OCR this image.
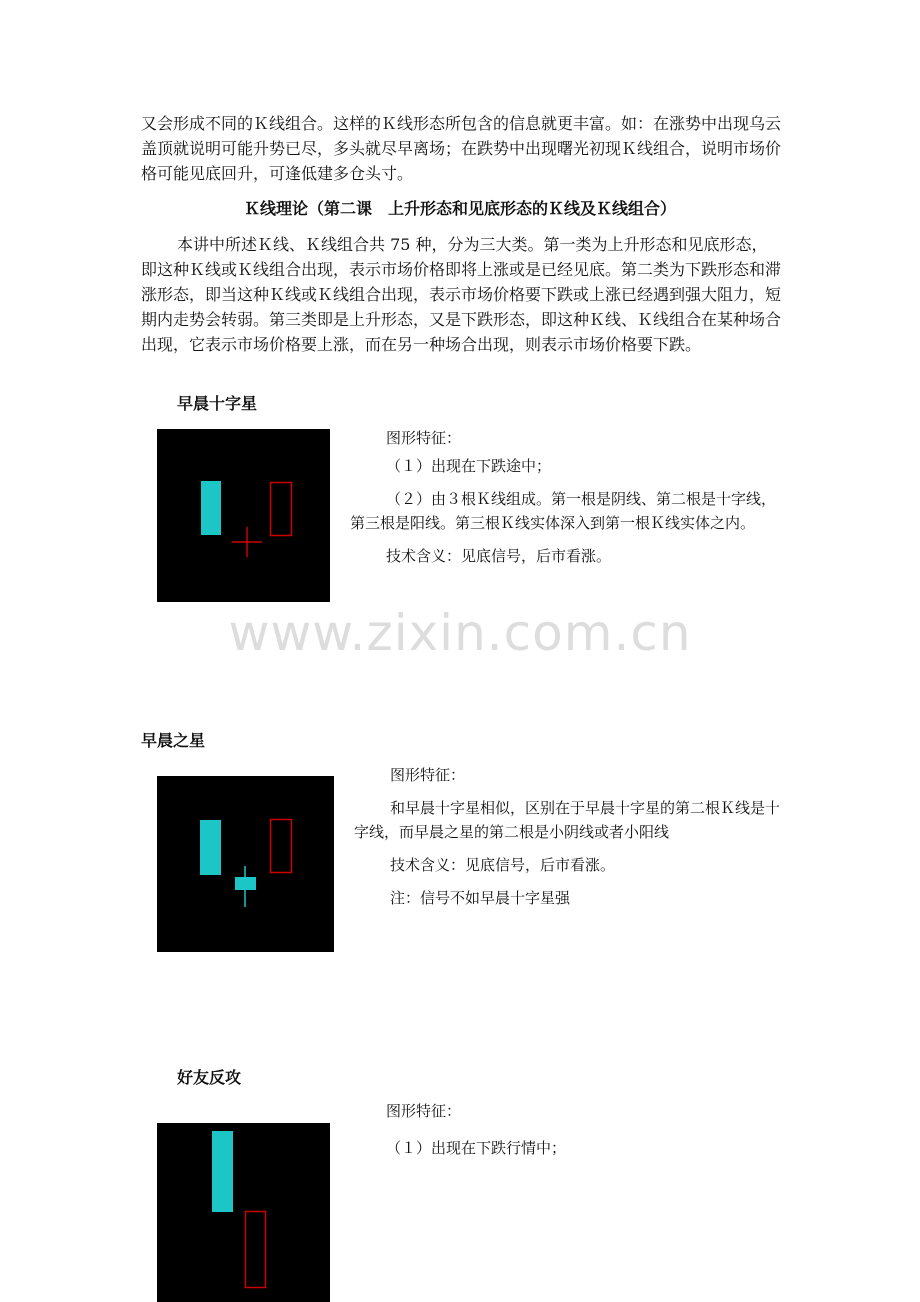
又会形成不同的Ｋ线组合。这样的Ｋ线形态所包含的信息就更丰富。如：在涨势中出现乌云盖顶就说明可能升势已尽，多头就尽早离场；在跌势中出现曙光初现Ｋ线组合，说明市场价格可能见底回升，可逢低建多仓头寸。

Ｋ线理论（第二课　上升形态和见底形态的Ｋ线及Ｋ线组合）

本讲中所述Ｋ线、Ｋ线组合共 75 种，分为三大类。第一类为上升形态和见底形态，即这种Ｋ线或Ｋ线组合出现，表示市场价格即将上涨或是已经见底。第二类为下跌形态和滞涨形态，即当这种Ｋ线或Ｋ线组合出现，表示市场价格要下跌或上涨已经遇到强大阻力，短期内走势会转弱。第三类即是上升形态，又是下跌形态，即这种Ｋ线、Ｋ线组合在某种场合出现，它表示市场价格要上涨，而在另一种场合出现，则表示市场价格要下跌。

早晨十字星

图形特征：

（１）出现在下跌途中；

（２）由３根Ｋ线组成。第一根是阴线、第二根是十字线，第三根是阳线。第三根Ｋ线实体深入到第一根Ｋ线实体之内。

技术含义：见底信号，后市看涨。

www.zixin.com.cn
早晨之星

图形特征：

和早晨十字星相似，区别在于早晨十字星的第二根Ｋ线是十字线，而早晨之星的第二根是小阴线或者小阳线

技术含义：见底信号，后市看涨。

注：信号不如早晨十字星强

好友反攻

图形特征：

（１）出现在下跌行情中；
